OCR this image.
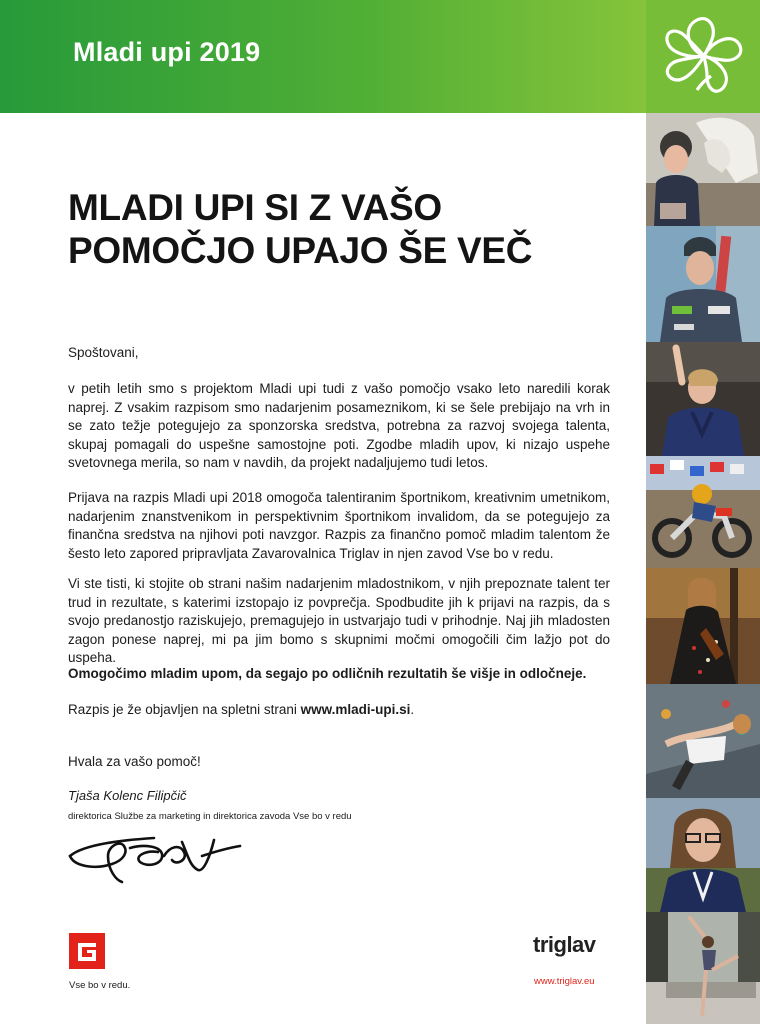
Mladi upi 2019
MLADI UPI SI Z VAŠO
POMOČJO UPAJO ŠE VEČ
Spoštovani,
v petih letih smo s projektom Mladi upi tudi z vašo pomočjo vsako leto naredili korak naprej. Z vsakim razpisom smo nadarjenim posameznikom, ki se šele prebijajo na vrh in se zato težje potegujejo za sponzorska sredstva, potrebna za razvoj svojega talenta, skupaj pomagali do uspešne samostojne poti. Zgodbe mladih upov, ki nizajo uspehe svetovnega merila, so nam v navdih, da projekt nadaljujemo tudi letos.
Prijava na razpis Mladi upi 2018 omogoča talentiranim športnikom, kreativnim umetnikom, nadarjenim znanstvenikom in perspektivnim športnikom invalidom, da se potegujejo za finančna sredstva na njihovi poti navzgor. Razpis za finančno pomoč mladim talentom že šesto leto zapored pripravljata Zavarovalnica Triglav in njen zavod Vse bo v redu.
Vi ste tisti, ki stojite ob strani našim nadarjenim mladostnikom, v njih prepoznate talent ter trud in rezultate, s katerimi izstopajo iz povprečja. Spodbudite jih k prijavi na razpis, da s svojo predanostjo raziskujejo, premagujejo in ustvarjajo tudi v prihodnje. Naj jih mladosten zagon ponese naprej, mi pa jim bomo s skupnimi močmi omogočili čim lažjo pot do uspeha.
Omogočimo mladim upom, da segajo po odličnih rezultatih še višje in odločneje.
Razpis je že objavljen na spletni strani www.mladi-upi.si.
Hvala za vašo pomoč!
Tjaša Kolenc Filipčič
direktorica Službe za marketing in direktorica zavoda Vse bo v redu
Vse bo v redu.
triglav
www.triglav.eu
